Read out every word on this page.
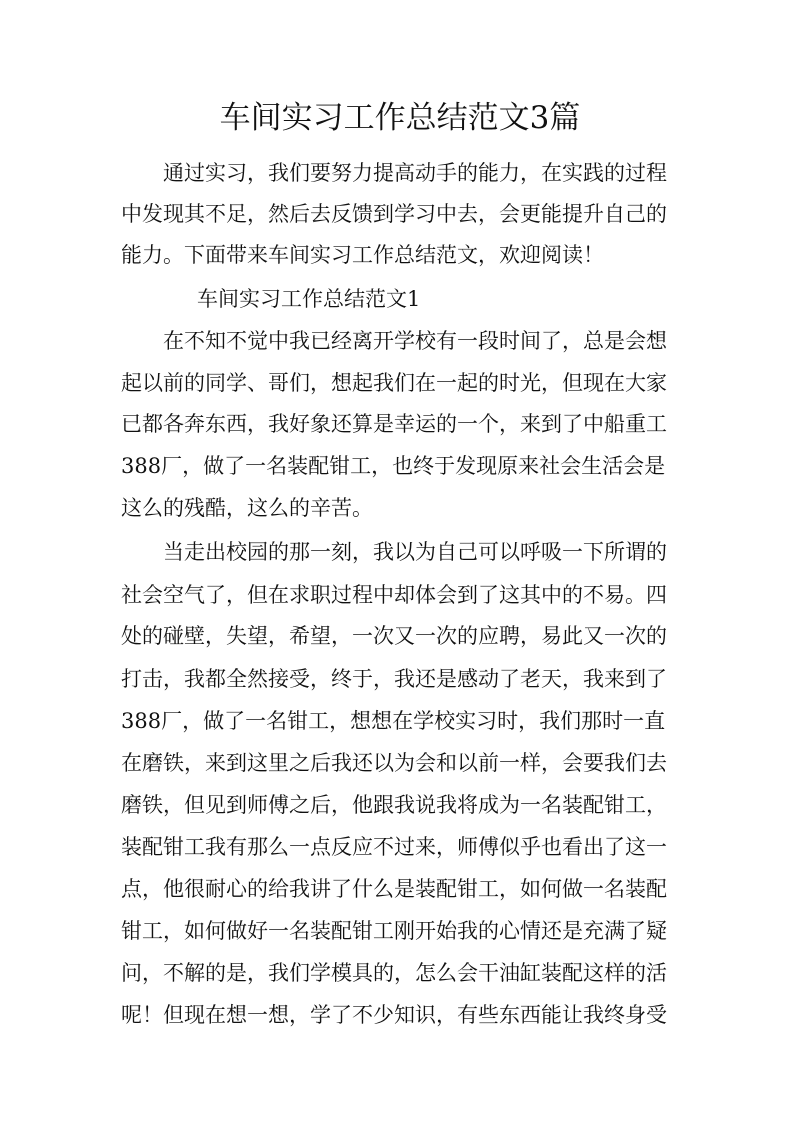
车间实习工作总结范文3篇
通过实习，我们要努力提高动手的能力，在实践的过程
中发现其不足，然后去反馈到学习中去，会更能提升自己的
能力。下面带来车间实习工作总结范文，欢迎阅读！
车间实习工作总结范文1
在不知不觉中我已经离开学校有一段时间了，总是会想
起以前的同学、哥们，想起我们在一起的时光，但现在大家
已都各奔东西，我好象还算是幸运的一个，来到了中船重工
388厂，做了一名装配钳工，也终于发现原来社会生活会是
这么的残酷，这么的辛苦。
当走出校园的那一刻，我以为自己可以呼吸一下所谓的
社会空气了，但在求职过程中却体会到了这其中的不易。四
处的碰壁，失望，希望，一次又一次的应聘，易此又一次的
打击，我都全然接受，终于，我还是感动了老天，我来到了
388厂，做了一名钳工，想想在学校实习时，我们那时一直
在磨铁，来到这里之后我还以为会和以前一样，会要我们去
磨铁，但见到师傅之后，他跟我说我将成为一名装配钳工，
装配钳工我有那么一点反应不过来，师傅似乎也看出了这一
点，他很耐心的给我讲了什么是装配钳工，如何做一名装配
钳工，如何做好一名装配钳工刚开始我的心情还是充满了疑
问，不解的是，我们学模具的，怎么会干油缸装配这样的活
呢！但现在想一想，学了不少知识，有些东西能让我终身受
